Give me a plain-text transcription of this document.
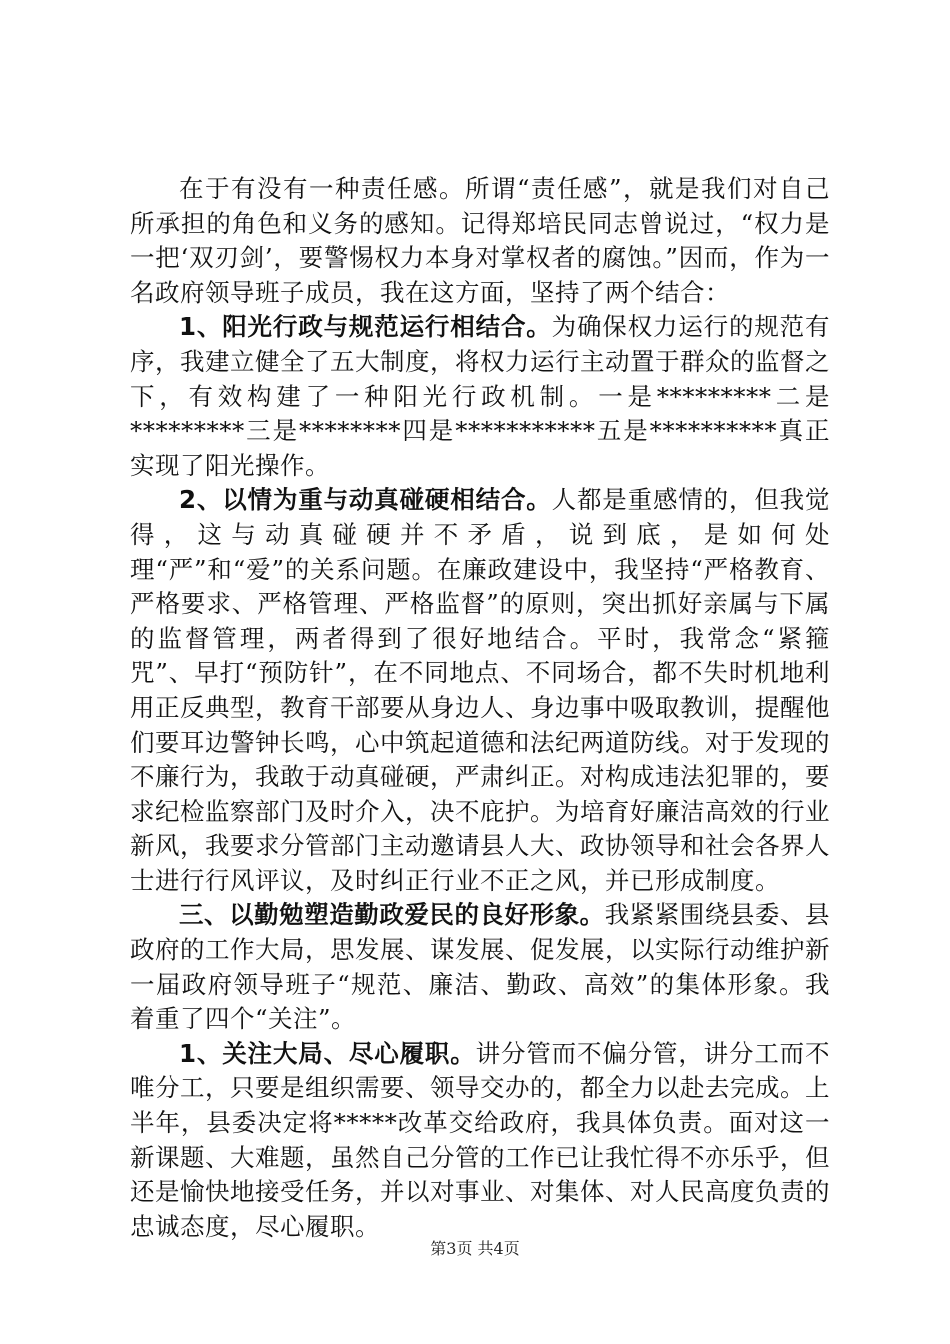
在于有没有一种责任感。所谓“责任感”，就是我们对自己所承担的角色和义务的感知。记得郑培民同志曾说过，“权力是一把‘双刃剑’，要警惕权力本身对掌权者的腐蚀。”因而，作为一名政府领导班子成员，我在这方面，坚持了两个结合：

1、阳光行政与规范运行相结合。为确保权力运行的规范有序，我建立健全了五大制度，将权力运行主动置于群众的监督之下，有效构建了一种阳光行政机制。一是*********二是*********三是********四是***********五是**********真正实现了阳光操作。

2、以情为重与动真碰硬相结合。人都是重感情的，但我觉得，这与动真碰硬并不矛盾，说到底，是如何处理“严”和“爱”的关系问题。在廉政建设中，我坚持“严格教育、严格要求、严格管理、严格监督”的原则，突出抓好亲属与下属的监督管理，两者得到了很好地结合。平时，我常念“紧箍咒”、早打“预防针”，在不同地点、不同场合，都不失时机地利用正反典型，教育干部要从身边人、身边事中吸取教训，提醒他们要耳边警钟长鸣，心中筑起道德和法纪两道防线。对于发现的不廉行为，我敢于动真碰硬，严肃纠正。对构成违法犯罪的，要求纪检监察部门及时介入，决不庇护。为培育好廉洁高效的行业新风，我要求分管部门主动邀请县人大、政协领导和社会各界人士进行行风评议，及时纠正行业不正之风，并已形成制度。

三、以勤勉塑造勤政爱民的良好形象。我紧紧围绕县委、县政府的工作大局，思发展、谋发展、促发展，以实际行动维护新一届政府领导班子“规范、廉洁、勤政、高效”的集体形象。我着重了四个“关注”。

1、关注大局、尽心履职。讲分管而不偏分管，讲分工而不唯分工，只要是组织需要、领导交办的，都全力以赴去完成。上半年，县委决定将*****改革交给政府，我具体负责。面对这一新课题、大难题，虽然自己分管的工作已让我忙得不亦乐乎，但还是愉快地接受任务，并以对事业、对集体、对人民高度负责的忠诚态度，尽心履职。

第3页 共4页
